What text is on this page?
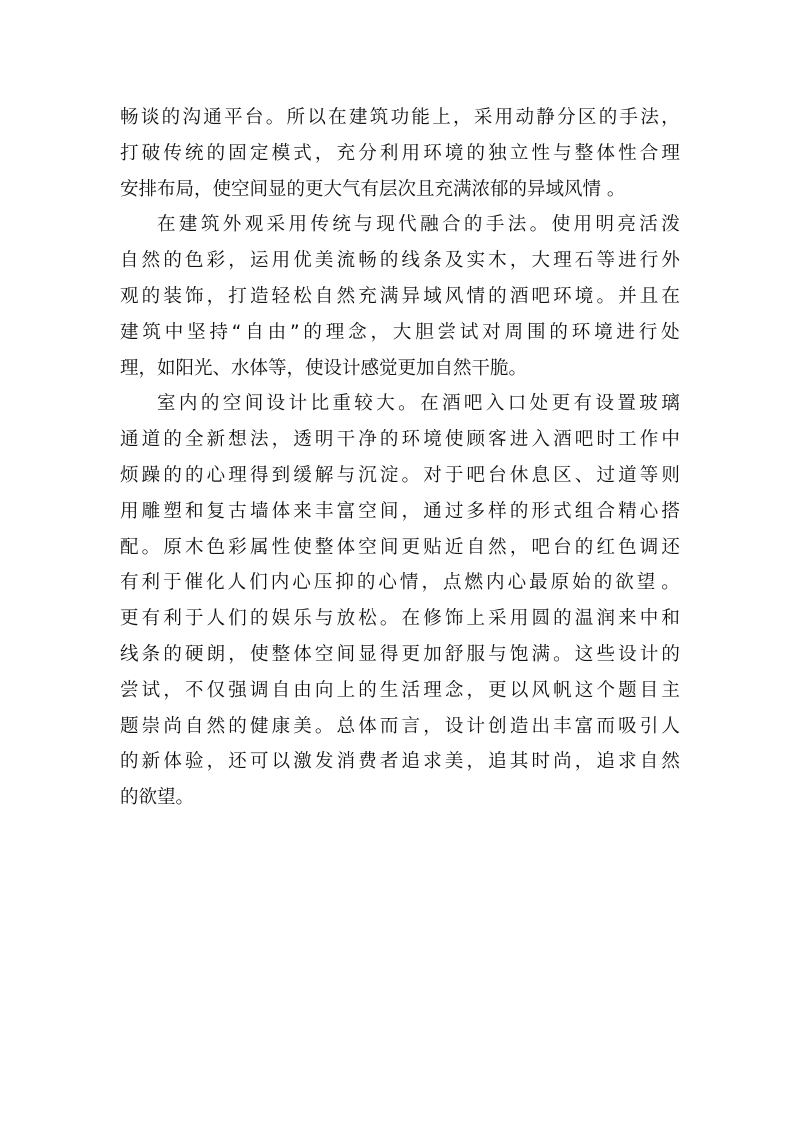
畅 谈 的 沟 通 平 台 。 所 以 在 建 筑 功 能 上 ， 采 用 动 静 分 区 的 手 法 ，
打 破 传 统 的 固 定 模 式 ， 充 分 利 用 环 境 的 独 立 性 与 整 体 性 合 理
安排布局，使空间显的更大气有层次且充满浓郁的异域风情 。
在 建 筑 外 观 采 用 传 统 与 现 代 融 合 的 手 法 。 使 用 明 亮 活 泼
自 然 的 色 彩 ， 运 用 优 美 流 畅 的 线 条 及 实 木 ， 大 理 石 等 进 行 外
观 的 装 饰 ， 打 造 轻 松 自 然 充 满 异 域 风 情 的 酒 吧 环 境 。 并 且 在
建 筑 中 坚 持 “ 自 由 ” 的 理 念 ， 大 胆 尝 试 对 周 围 的 环 境 进 行 处
理，如阳光、水体等，使设计感觉更加自然干脆。
室 内 的 空 间 设 计 比 重 较 大 。 在 酒 吧 入 口 处 更 有 设 置 玻 璃
通 道 的 全 新 想 法 ， 透 明 干 净 的 环 境 使 顾 客 进 入 酒 吧 时 工 作 中
烦 躁 的 的 心 理 得 到 缓 解 与 沉 淀 。 对 于 吧 台 休 息 区 、 过 道 等 则
用 雕 塑 和 复 古 墙 体 来 丰 富 空 间 ， 通 过 多 样 的 形 式 组 合 精 心 搭
配 。 原 木 色 彩 属 性 使 整 体 空 间 更 贴 近 自 然 ， 吧 台 的 红 色 调 还
有 利 于 催 化 人 们 内 心 压 抑 的 心 情 ， 点 燃 内 心 最 原 始 的 欲 望 。
更 有 利 于 人 们 的 娱 乐 与 放 松 。 在 修 饰 上 采 用 圆 的 温 润 来 中 和
线 条 的 硬 朗 ， 使 整 体 空 间 显 得 更 加 舒 服 与 饱 满 。 这 些 设 计 的
尝 试 ， 不 仅 强 调 自 由 向 上 的 生 活 理 念 ， 更 以 风 帆 这 个 题 目 主
题 崇 尚 自 然 的 健 康 美 。 总 体 而 言 ， 设 计 创 造 出 丰 富 而 吸 引 人
的 新 体 验 ， 还 可 以 激 发 消 费 者 追 求 美 ， 追 其 时 尚 ， 追 求 自 然
的欲望。
